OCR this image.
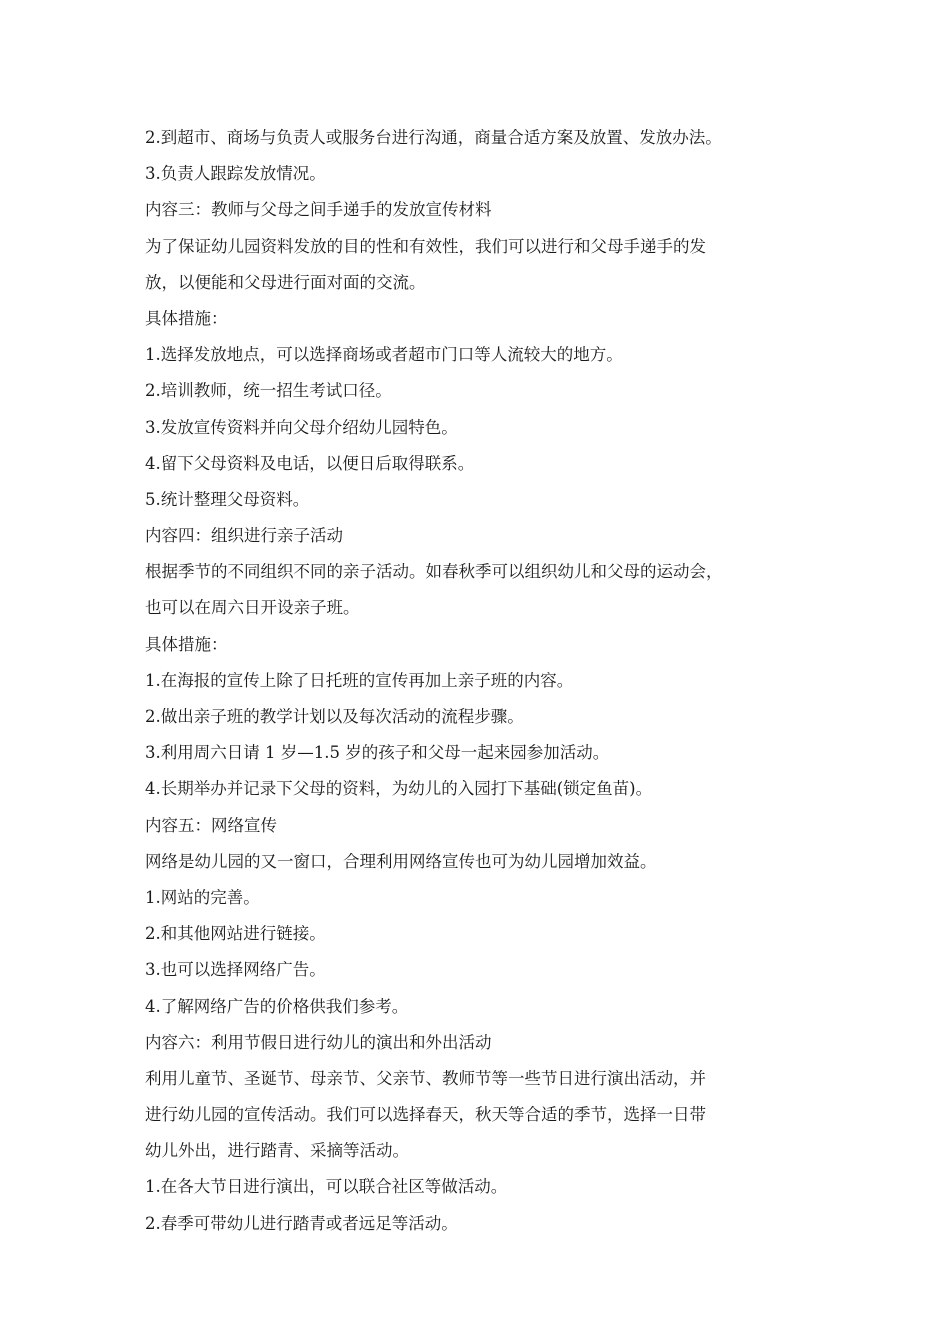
2.到超市、商场与负责人或服务台进行沟通，商量合适方案及放置、发放办法。

3.负责人跟踪发放情况。

内容三：教师与父母之间手递手的发放宣传材料

为了保证幼儿园资料发放的目的性和有效性，我们可以进行和父母手递手的发

放，以便能和父母进行面对面的交流。

具体措施：

1.选择发放地点，可以选择商场或者超市门口等人流较大的地方。

2.培训教师，统一招生考试口径。

3.发放宣传资料并向父母介绍幼儿园特色。

4.留下父母资料及电话，以便日后取得联系。

5.统计整理父母资料。

内容四：组织进行亲子活动

根据季节的不同组织不同的亲子活动。如春秋季可以组织幼儿和父母的运动会，

也可以在周六日开设亲子班。

具体措施：

1.在海报的宣传上除了日托班的宣传再加上亲子班的内容。

2.做出亲子班的教学计划以及每次活动的流程步骤。

3.利用周六日请 1 岁—1.5 岁的孩子和父母一起来园参加活动。

4.长期举办并记录下父母的资料，为幼儿的入园打下基础(锁定鱼苗)。

内容五：网络宣传

网络是幼儿园的又一窗口，合理利用网络宣传也可为幼儿园增加效益。

1.网站的完善。

2.和其他网站进行链接。

3.也可以选择网络广告。

4.了解网络广告的价格供我们参考。

内容六：利用节假日进行幼儿的演出和外出活动

利用儿童节、圣诞节、母亲节、父亲节、教师节等一些节日进行演出活动，并

进行幼儿园的宣传活动。我们可以选择春天，秋天等合适的季节，选择一日带

幼儿外出，进行踏青、采摘等活动。

1.在各大节日进行演出，可以联合社区等做活动。

2.春季可带幼儿进行踏青或者远足等活动。
